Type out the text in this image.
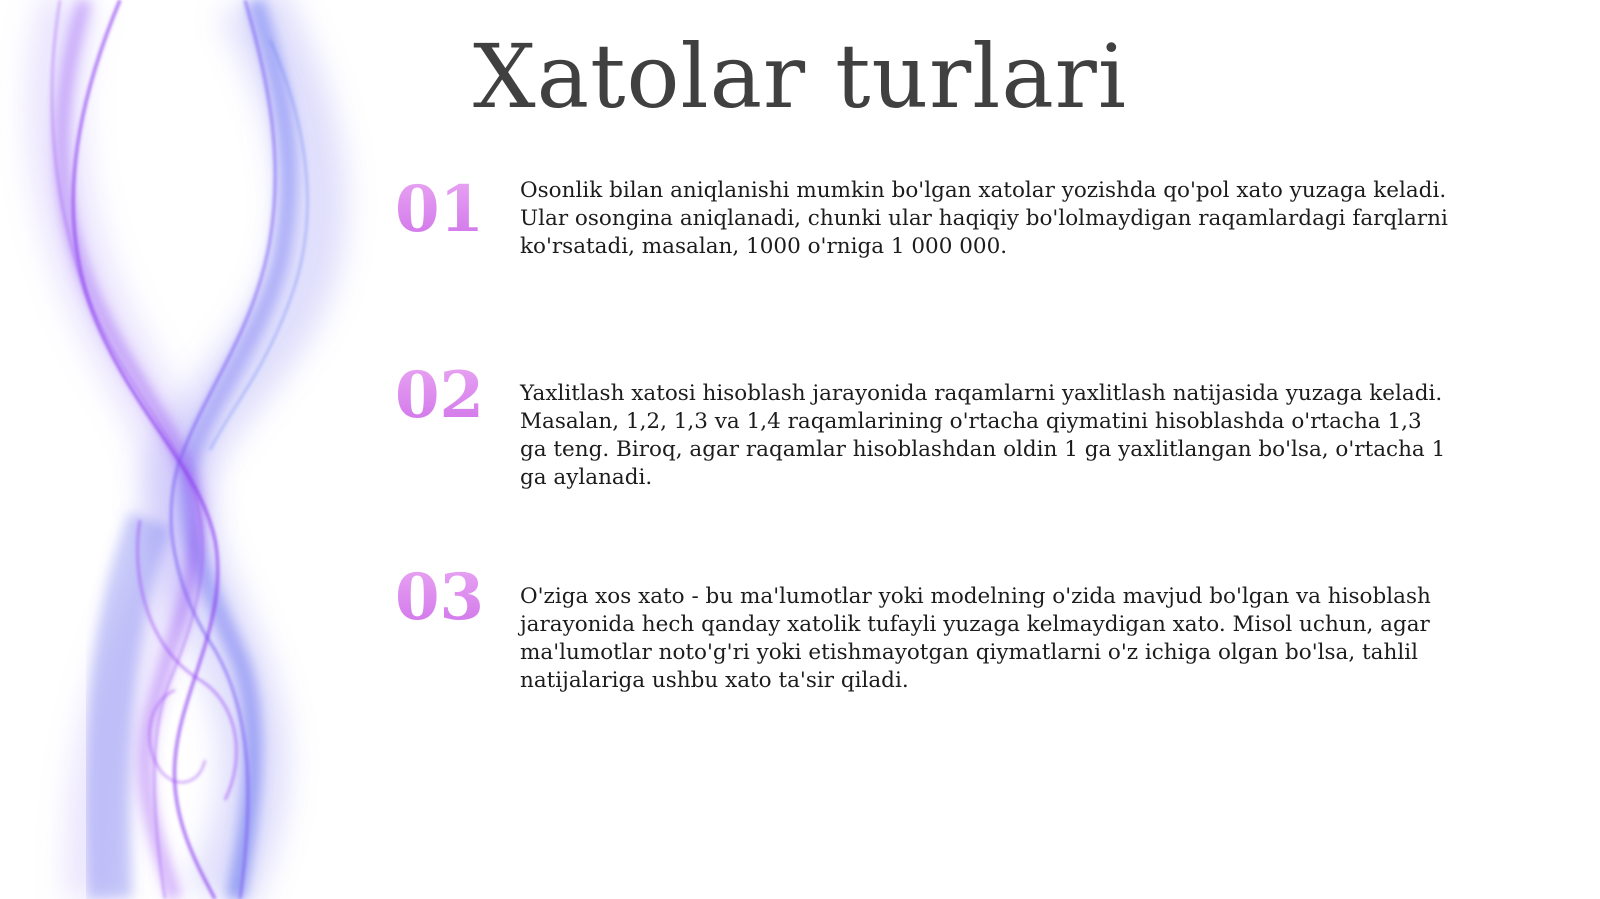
Xatolar turlari
01	Osonlik bilan aniqlanishi mumkin bo'lgan xatolar yozishda qo'pol xato yuzaga keladi. Ular osongina aniqlanadi, chunki ular haqiqiy bo'lolmaydigan raqamlardagi farqlarni ko'rsatadi, masalan, 1000 o'rniga 1 000 000.

02	Yaxlitlash xatosi hisoblash jarayonida raqamlarni yaxlitlash natijasida yuzaga keladi. Masalan, 1,2, 1,3 va 1,4 raqamlarining o'rtacha qiymatini hisoblashda o'rtacha 1,3 ga teng. Biroq, agar raqamlar hisoblashdan oldin 1 ga yaxlitlangan bo'lsa, o'rtacha 1 ga aylanadi.

03	O'ziga xos xato - bu ma'lumotlar yoki modelning o'zida mavjud bo'lgan va hisoblash jarayonida hech qanday xatolik tufayli yuzaga kelmaydigan xato. Misol uchun, agar ma'lumotlar noto'g'ri yoki etishmayotgan qiymatlarni o'z ichiga olgan bo'lsa, tahlil natijalariga ushbu xato ta'sir qiladi.
